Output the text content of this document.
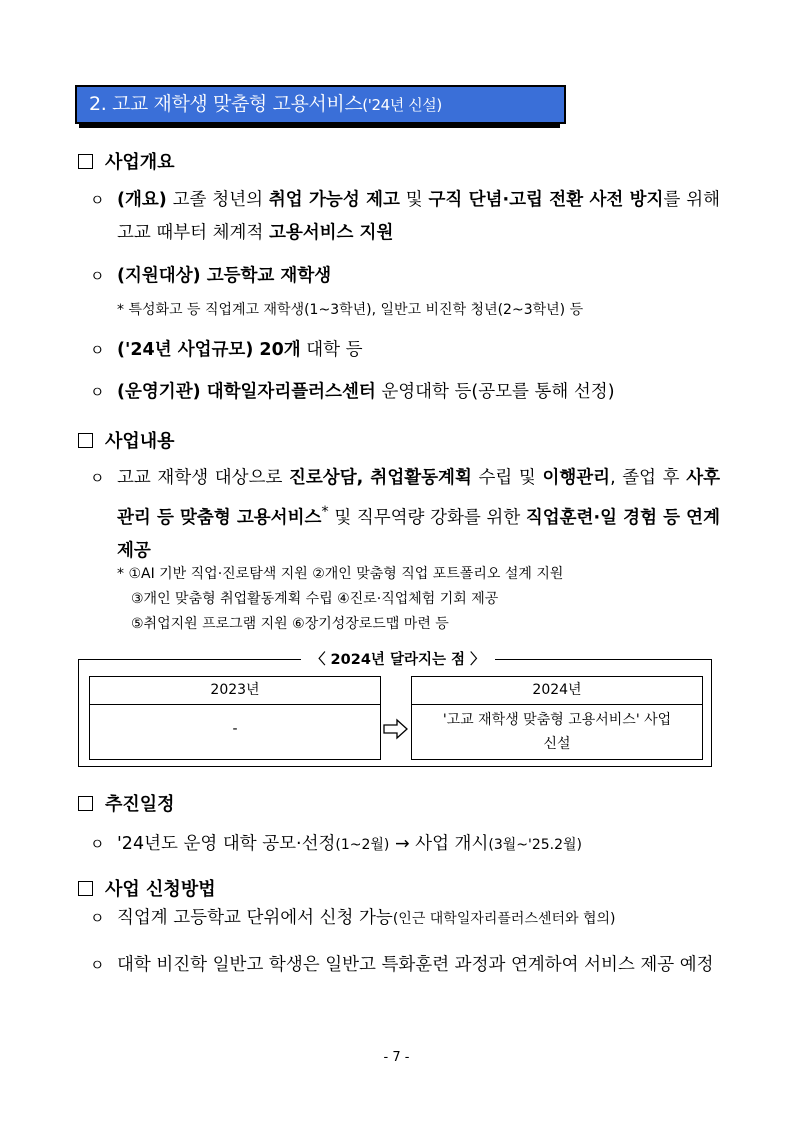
2. 고교 재학생 맞춤형 고용서비스('24년 신설)
사업개요
ㅇ (개요) 고졸 청년의 취업 가능성 제고 및 구직 단념·고립 전환 사전 방지를 위해 고교 때부터 체계적 고용서비스 지원
ㅇ (지원대상) 고등학교 재학생
* 특성화고 등 직업계고 재학생(1~3학년), 일반고 비진학 청년(2~3학년) 등
ㅇ ('24년 사업규모) 20개 대학 등
ㅇ (운영기관) 대학일자리플러스센터 운영대학 등(공모를 통해 선정)
사업내용
ㅇ 고교 재학생 대상으로 진로상담, 취업활동계획 수립 및 이행관리, 졸업 후 사후관리 등 맞춤형 고용서비스* 및 직무역량 강화를 위한 직업훈련·일 경험 등 연계 제공
* ①AI 기반 직업·진로탐색 지원 ②개인 맞춤형 직업 포트폴리오 설계 지원
③개인 맞춤형 취업활동계획 수립 ④진로·직업체험 기회 제공
⑤취업지원 프로그램 지원 ⑥장기성장로드맵 마련 등
〈 2024년 달라지는 점 〉
2023년
-
2024년
'고교 재학생 맞춤형 고용서비스' 사업
신설
추진일정
ㅇ '24년도 운영 대학 공모·선정(1~2월) → 사업 개시(3월~'25.2월)
사업 신청방법
ㅇ 직업계 고등학교 단위에서 신청 가능(인근 대학일자리플러스센터와 협의)
ㅇ 대학 비진학 일반고 학생은 일반고 특화훈련 과정과 연계하여 서비스 제공 예정
- 7 -
